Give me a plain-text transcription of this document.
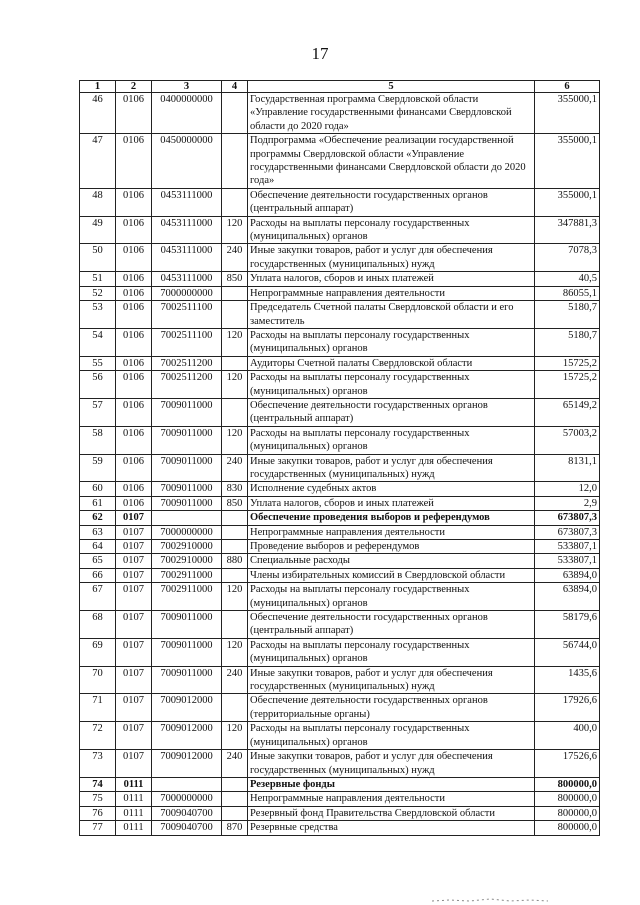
17
1	2	3	4	5	6
46	0106	0400000000		Государственная программа Свердловской области «Управление государственными финансами Свердловской области до 2020 года»	355000,1
47	0106	0450000000		Подпрограмма «Обеспечение реализации государственной программы Свердловской области «Управление государственными финансами Свердловской области до 2020 года»	355000,1
48	0106	0453111000		Обеспечение деятельности государственных органов (центральный аппарат)	355000,1
49	0106	0453111000	120	Расходы на выплаты персоналу государственных (муниципальных) органов	347881,3
50	0106	0453111000	240	Иные закупки товаров, работ и услуг для обеспечения государственных (муниципальных) нужд	7078,3
51	0106	0453111000	850	Уплата налогов, сборов и иных платежей	40,5
52	0106	7000000000		Непрограммные направления деятельности	86055,1
53	0106	7002511100		Председатель Счетной палаты Свердловской области и его заместитель	5180,7
54	0106	7002511100	120	Расходы на выплаты персоналу государственных (муниципальных) органов	5180,7
55	0106	7002511200		Аудиторы Счетной палаты Свердловской области	15725,2
56	0106	7002511200	120	Расходы на выплаты персоналу государственных (муниципальных) органов	15725,2
57	0106	7009011000		Обеспечение деятельности государственных органов (центральный аппарат)	65149,2
58	0106	7009011000	120	Расходы на выплаты персоналу государственных (муниципальных) органов	57003,2
59	0106	7009011000	240	Иные закупки товаров, работ и услуг для обеспечения государственных (муниципальных) нужд	8131,1
60	0106	7009011000	830	Исполнение судебных актов	12,0
61	0106	7009011000	850	Уплата налогов, сборов и иных платежей	2,9
62	0107			Обеспечение проведения выборов и референдумов	673807,3
63	0107	7000000000		Непрограммные направления деятельности	673807,3
64	0107	7002910000		Проведение выборов и референдумов	533807,1
65	0107	7002910000	880	Специальные расходы	533807,1
66	0107	7002911000		Члены избирательных комиссий в Свердловской области	63894,0
67	0107	7002911000	120	Расходы на выплаты персоналу государственных (муниципальных) органов	63894,0
68	0107	7009011000		Обеспечение деятельности государственных органов (центральный аппарат)	58179,6
69	0107	7009011000	120	Расходы на выплаты персоналу государственных (муниципальных) органов	56744,0
70	0107	7009011000	240	Иные закупки товаров, работ и услуг для обеспечения государственных (муниципальных) нужд	1435,6
71	0107	7009012000		Обеспечение деятельности государственных органов (территориальные органы)	17926,6
72	0107	7009012000	120	Расходы на выплаты персоналу государственных (муниципальных) органов	400,0
73	0107	7009012000	240	Иные закупки товаров, работ и услуг для обеспечения государственных (муниципальных) нужд	17526,6
74	0111			Резервные фонды	800000,0
75	0111	7000000000		Непрограммные направления деятельности	800000,0
76	0111	7009040700		Резервный фонд Правительства Свердловской области	800000,0
77	0111	7009040700	870	Резервные средства	800000,0
